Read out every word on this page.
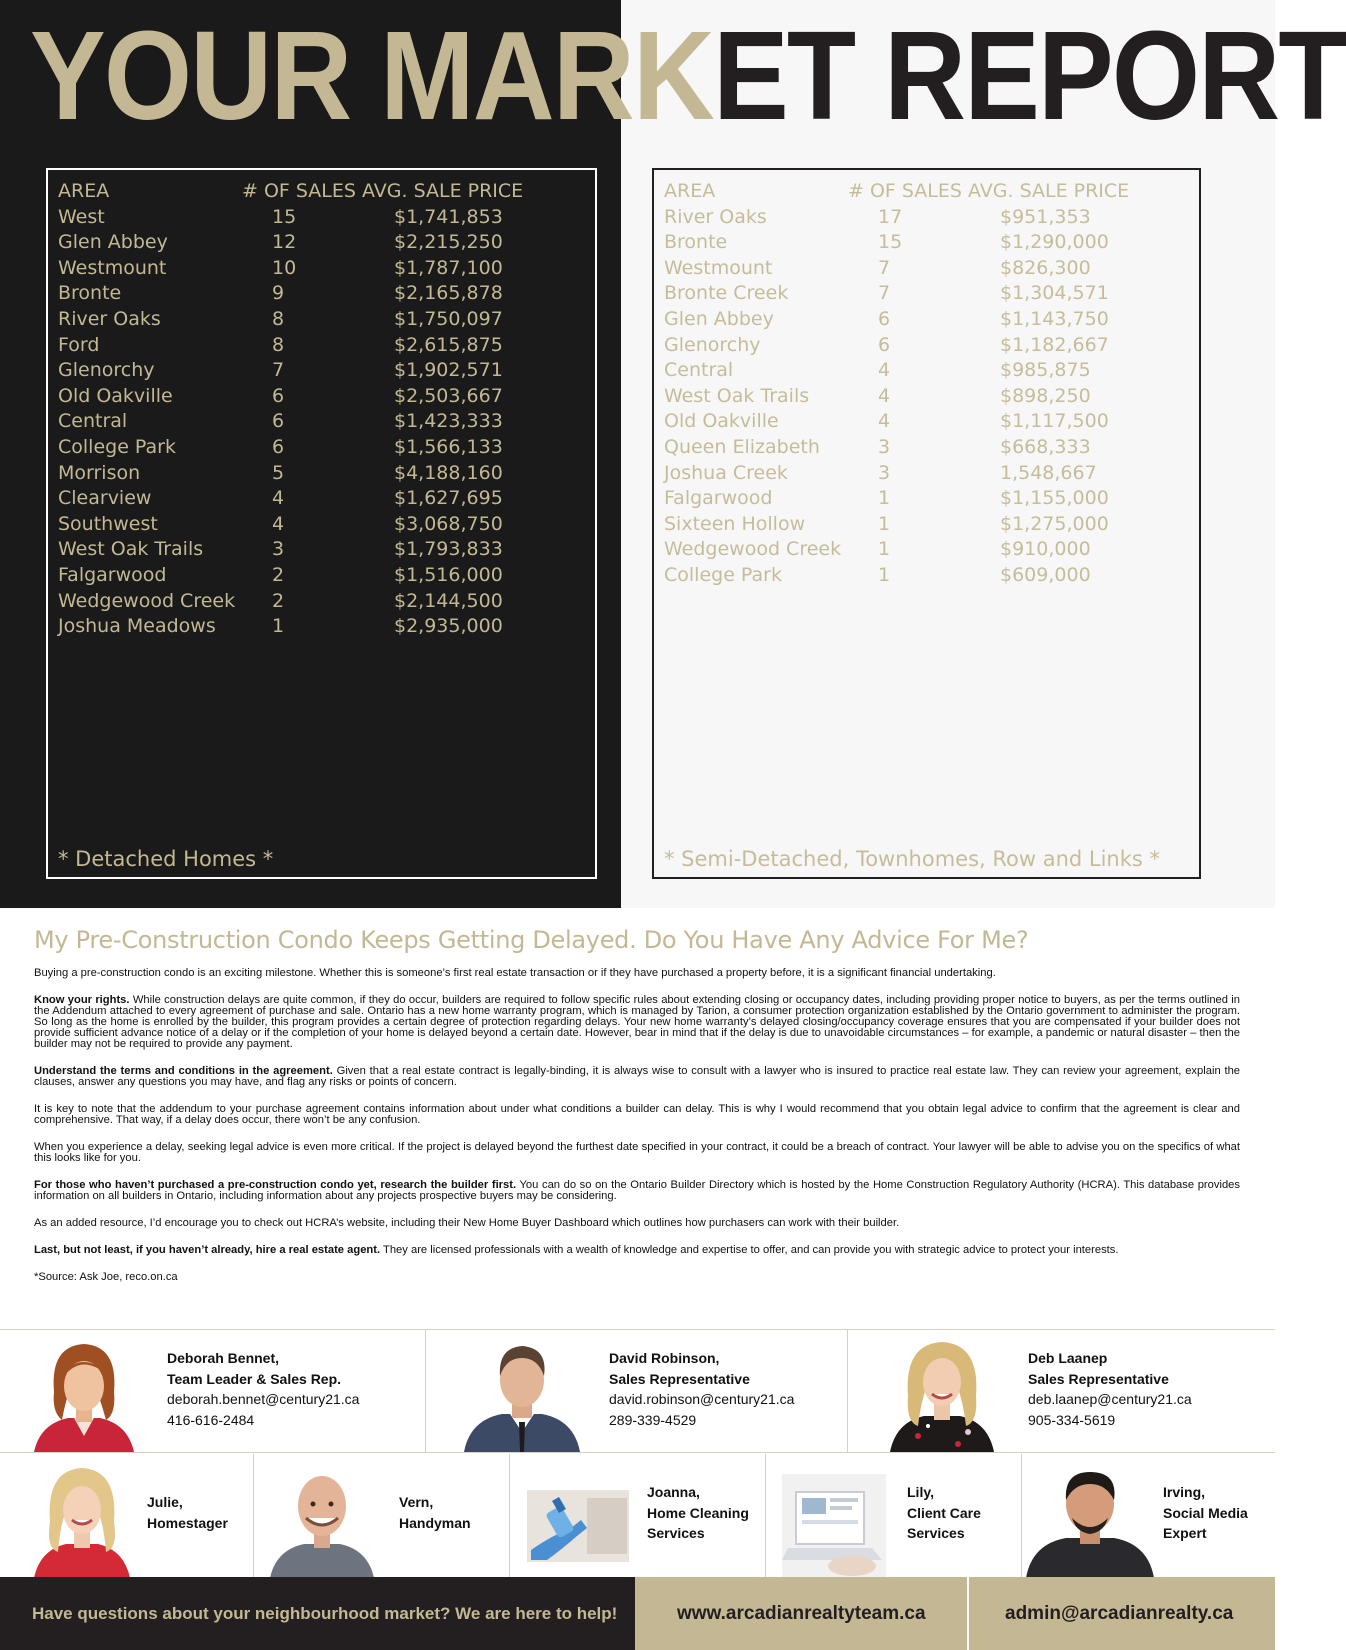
YOUR MARKET REPORT
AREA	# OF SALES AVG. SALE PRICE
West	15	$1,741,853
Glen Abbey	12	$2,215,250
Westmount	10	$1,787,100
Bronte	9	$2,165,878
River Oaks	8	$1,750,097
Ford	8	$2,615,875
Glenorchy	7	$1,902,571
Old Oakville	6	$2,503,667
Central	6	$1,423,333
College Park	6	$1,566,133
Morrison	5	$4,188,160
Clearview	4	$1,627,695
Southwest	4	$3,068,750
West Oak Trails	3	$1,793,833
Falgarwood	2	$1,516,000
Wedgewood Creek	2	$2,144,500
Joshua Meadows	1	$2,935,000
* Detached Homes *
AREA	# OF SALES AVG. SALE PRICE
River Oaks	17	$951,353
Bronte	15	$1,290,000
Westmount	7	$826,300
Bronte Creek	7	$1,304,571
Glen Abbey	6	$1,143,750
Glenorchy	6	$1,182,667
Central	4	$985,875
West Oak Trails	4	$898,250
Old Oakville	4	$1,117,500
Queen Elizabeth	3	$668,333
Joshua Creek	3	1,548,667
Falgarwood	1	$1,155,000
Sixteen Hollow	1	$1,275,000
Wedgewood Creek	1	$910,000
College Park	1	$609,000
* Semi-Detached, Townhomes, Row and Links *
My Pre-Construction Condo Keeps Getting Delayed. Do You Have Any Advice For Me?

Buying a pre-construction condo is an exciting milestone. Whether this is someone’s first real estate transaction or if they have purchased a property before, it is a significant financial undertaking.

Know your rights. While construction delays are quite common, if they do occur, builders are required to follow specific rules about extending closing or occupancy dates, including providing proper notice to buyers, as per the terms outlined in the Addendum attached to every agreement of purchase and sale. Ontario has a new home warranty program, which is managed by Tarion, a consumer protection organization established by the Ontario government to administer the program. So long as the home is enrolled by the builder, this program provides a certain degree of protection regarding delays. Your new home warranty’s delayed closing/occupancy coverage ensures that you are compensated if your builder does not provide sufficient advance notice of a delay or if the completion of your home is delayed beyond a certain date. However, bear in mind that if the delay is due to unavoidable circumstances – for example, a pandemic or natural disaster – then the builder may not be required to provide any payment.

Understand the terms and conditions in the agreement. Given that a real estate contract is legally-binding, it is always wise to consult with a lawyer who is insured to practice real estate law. They can review your agreement, explain the clauses, answer any questions you may have, and flag any risks or points of concern.

It is key to note that the addendum to your purchase agreement contains information about under what conditions a builder can delay. This is why I would recommend that you obtain legal advice to confirm that the agreement is clear and comprehensive. That way, if a delay does occur, there won’t be any confusion.

When you experience a delay, seeking legal advice is even more critical. If the project is delayed beyond the furthest date specified in your contract, it could be a breach of contract. Your lawyer will be able to advise you on the specifics of what this looks like for you.

For those who haven’t purchased a pre-construction condo yet, research the builder first. You can do so on the Ontario Builder Directory which is hosted by the Home Construction Regulatory Authority (HCRA). This database provides information on all builders in Ontario, including information about any projects prospective buyers may be considering.

As an added resource, I’d encourage you to check out HCRA’s website, including their New Home Buyer Dashboard which outlines how purchasers can work with their builder.

Last, but not least, if you haven’t already, hire a real estate agent. They are licensed professionals with a wealth of knowledge and expertise to offer, and can provide you with strategic advice to protect your interests.

*Source: Ask Joe, reco.on.ca

Deborah Bennet,
Team Leader & Sales Rep.
deborah.bennet@century21.ca
416-616-2484
David Robinson,
Sales Representative
david.robinson@century21.ca
289-339-4529
Deb Laanep
Sales Representative
deb.laanep@century21.ca
905-334-5619
Julie,
Homestager
Vern,
Handyman
Joanna,
Home Cleaning
Services
Lily,
Client Care
Services
Irving,
Social Media
Expert
Have questions about your neighbourhood market? We are here to help!	www.arcadianrealtyteam.ca	admin@arcadianrealty.ca
